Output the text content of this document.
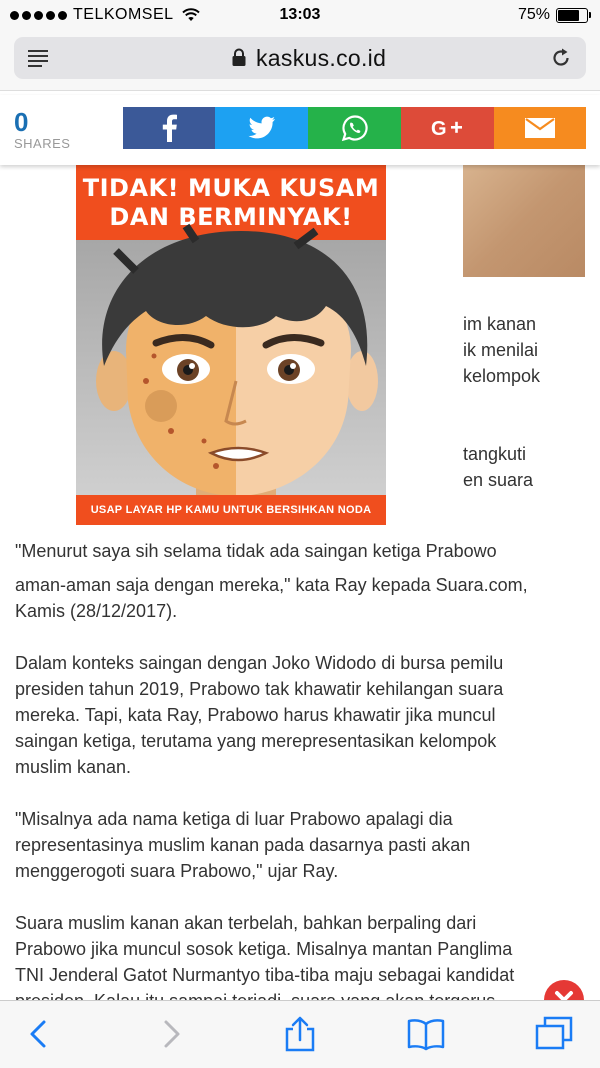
TELKOMSEL	13:03	75%
kaskus.co.id
0
SHARES
G
im kanan
ik menilai
kelompok
tangkuti
en suara
TIDAK! MUKA KUSAM
DAN BERMINYAK!
USAP LAYAR HP KAMU UNTUK BERSIHKAN NODA
"Menurut saya sih selama tidak ada saingan ketiga Prabowo
aman-aman saja dengan mereka," kata Ray kepada Suara.com,
Kamis (28/12/2017).
Dalam konteks saingan dengan Joko Widodo di bursa pemilu
presiden tahun 2019, Prabowo tak khawatir kehilangan suara
mereka. Tapi, kata Ray, Prabowo harus khawatir jika muncul
saingan ketiga, terutama yang merepresentasikan kelompok
muslim kanan.
"Misalnya ada nama ketiga di luar Prabowo apalagi dia
representasinya muslim kanan pada dasarnya pasti akan
menggerogoti suara Prabowo," ujar Ray.
Suara muslim kanan akan terbelah, bahkan berpaling dari
Prabowo jika muncul sosok ketiga. Misalnya mantan Panglima
TNI Jenderal Gatot Nurmantyo tiba-tiba maju sebagai kandidat
